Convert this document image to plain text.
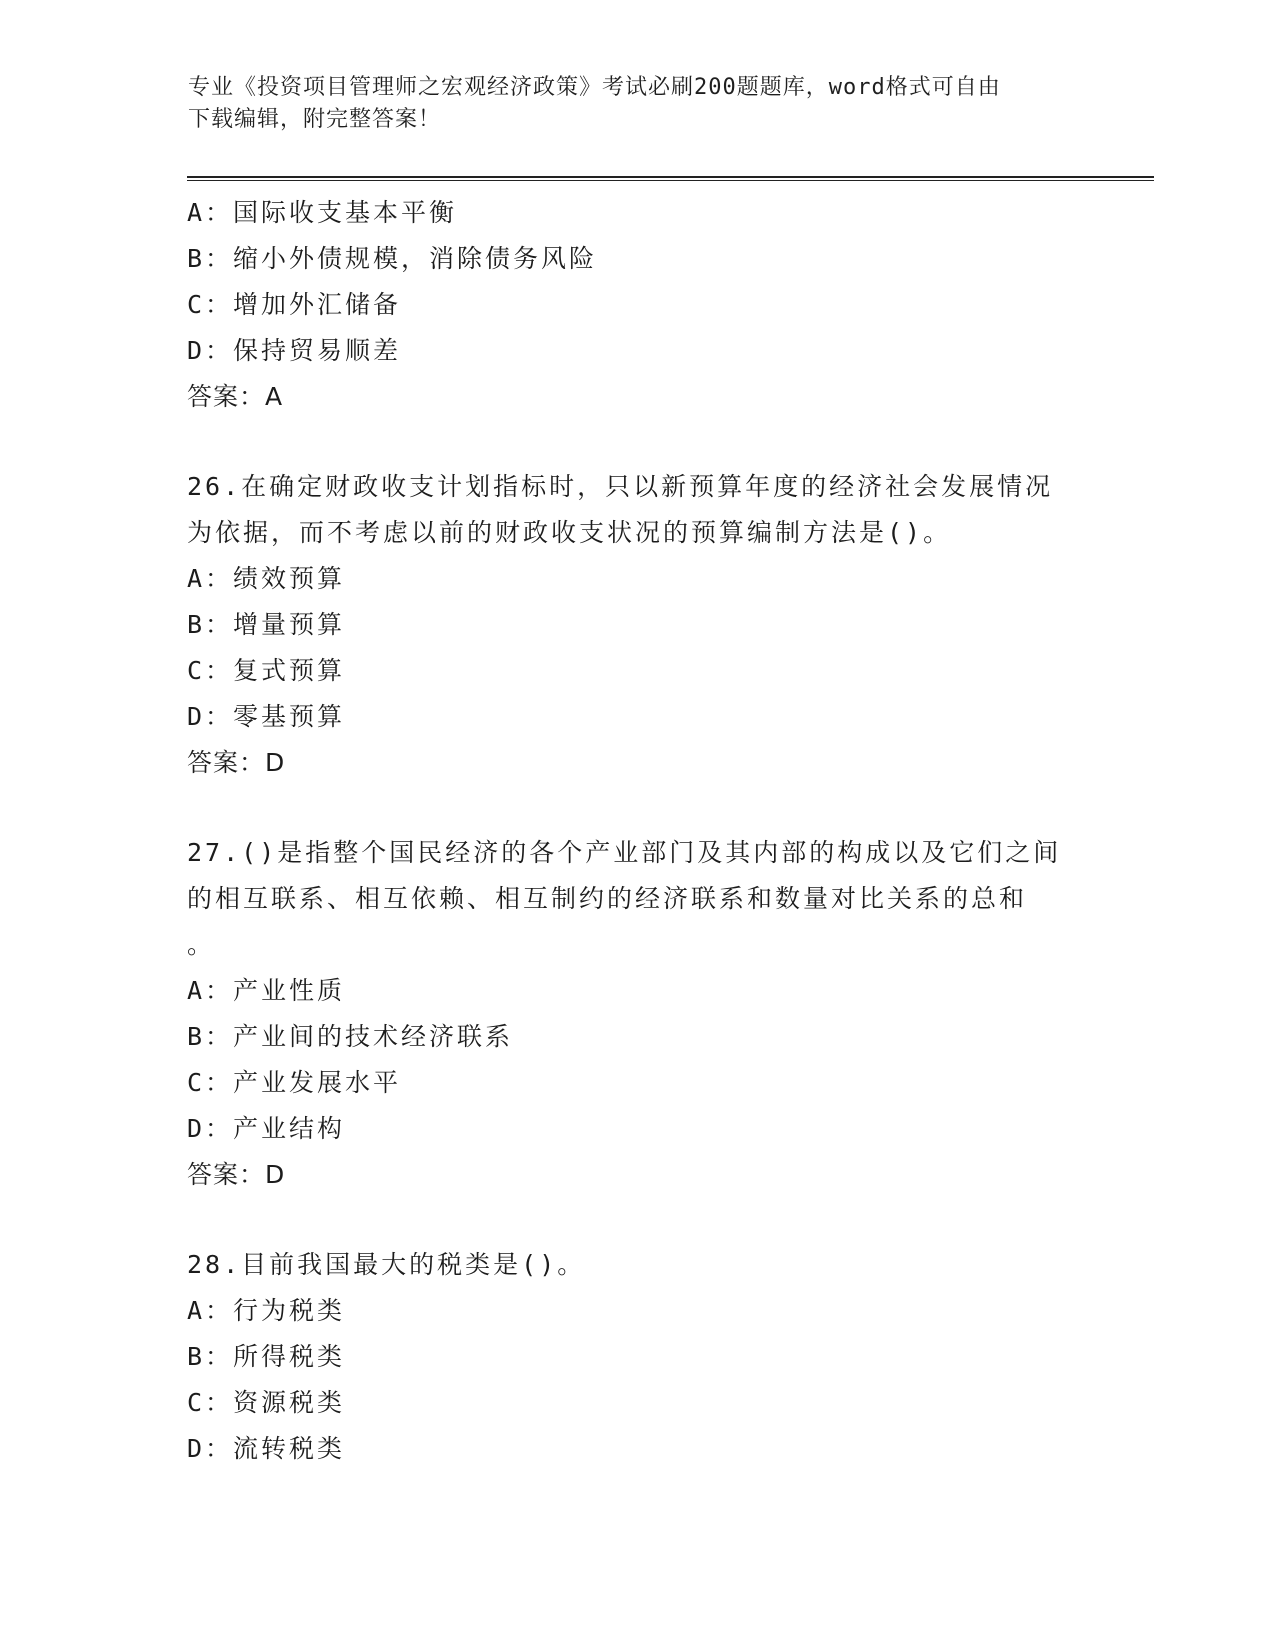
专业《投资项目管理师之宏观经济政策》考试必刷200题题库，word格式可自由
下载编辑，附完整答案！
A：国际收支基本平衡
B：缩小外债规模，消除债务风险
C：增加外汇储备
D：保持贸易顺差
答案：A
26.在确定财政收支计划指标时，只以新预算年度的经济社会发展情况
为依据，而不考虑以前的财政收支状况的预算编制方法是()。
A：绩效预算
B：增量预算
C：复式预算
D：零基预算
答案：D
27.()是指整个国民经济的各个产业部门及其内部的构成以及它们之间
的相互联系、相互依赖、相互制约的经济联系和数量对比关系的总和
。
A：产业性质
B：产业间的技术经济联系
C：产业发展水平
D：产业结构
答案：D
28.目前我国最大的税类是()。
A：行为税类
B：所得税类
C：资源税类
D：流转税类
